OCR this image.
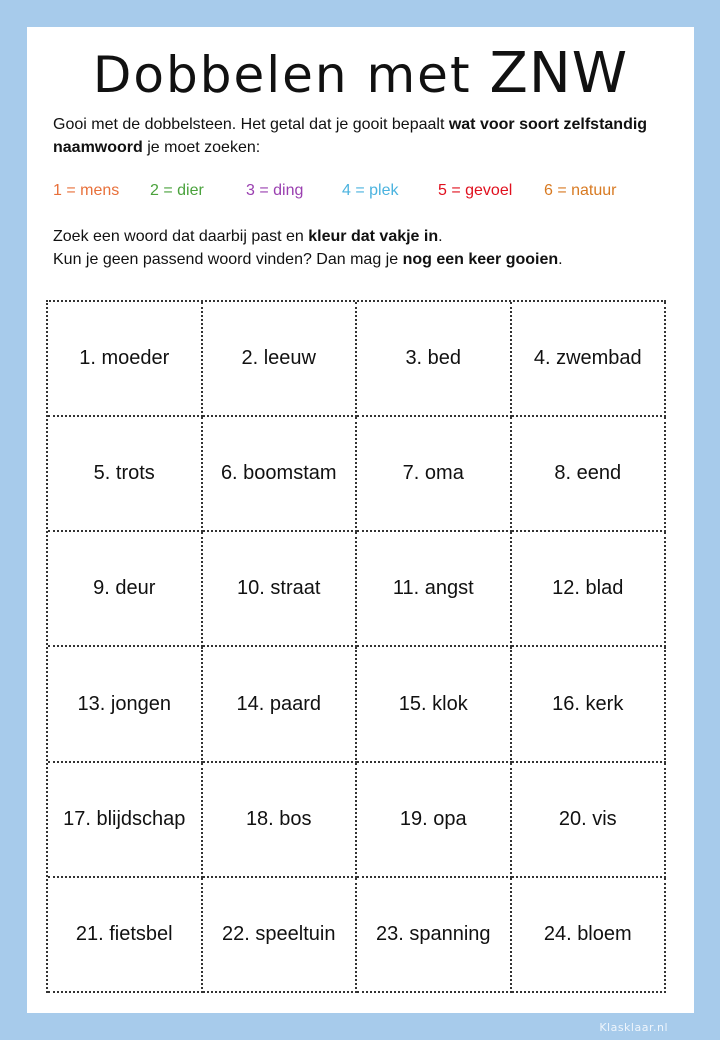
Dobbelen met ZNW
Gooi met de dobbelsteen. Het getal dat je gooit bepaalt wat voor soort zelfstandig naamwoord je moet zoeken:
1 = mens	2 = dier	3 = ding	4 = plek	5 = gevoel	6 = natuur
Zoek een woord dat daarbij past en kleur dat vakje in.
Kun je geen passend woord vinden? Dan mag je nog een keer gooien.
1. moeder	2. leeuw	3. bed	4. zwembad
5. trots	6. boomstam	7. oma	8. eend
9. deur	10. straat	11. angst	12. blad
13. jongen	14. paard	15. klok	16. kerk
17. blijdschap	18. bos	19. opa	20. vis
21. fietsbel	22. speeltuin	23. spanning	24. bloem
Klasklaar.nl
